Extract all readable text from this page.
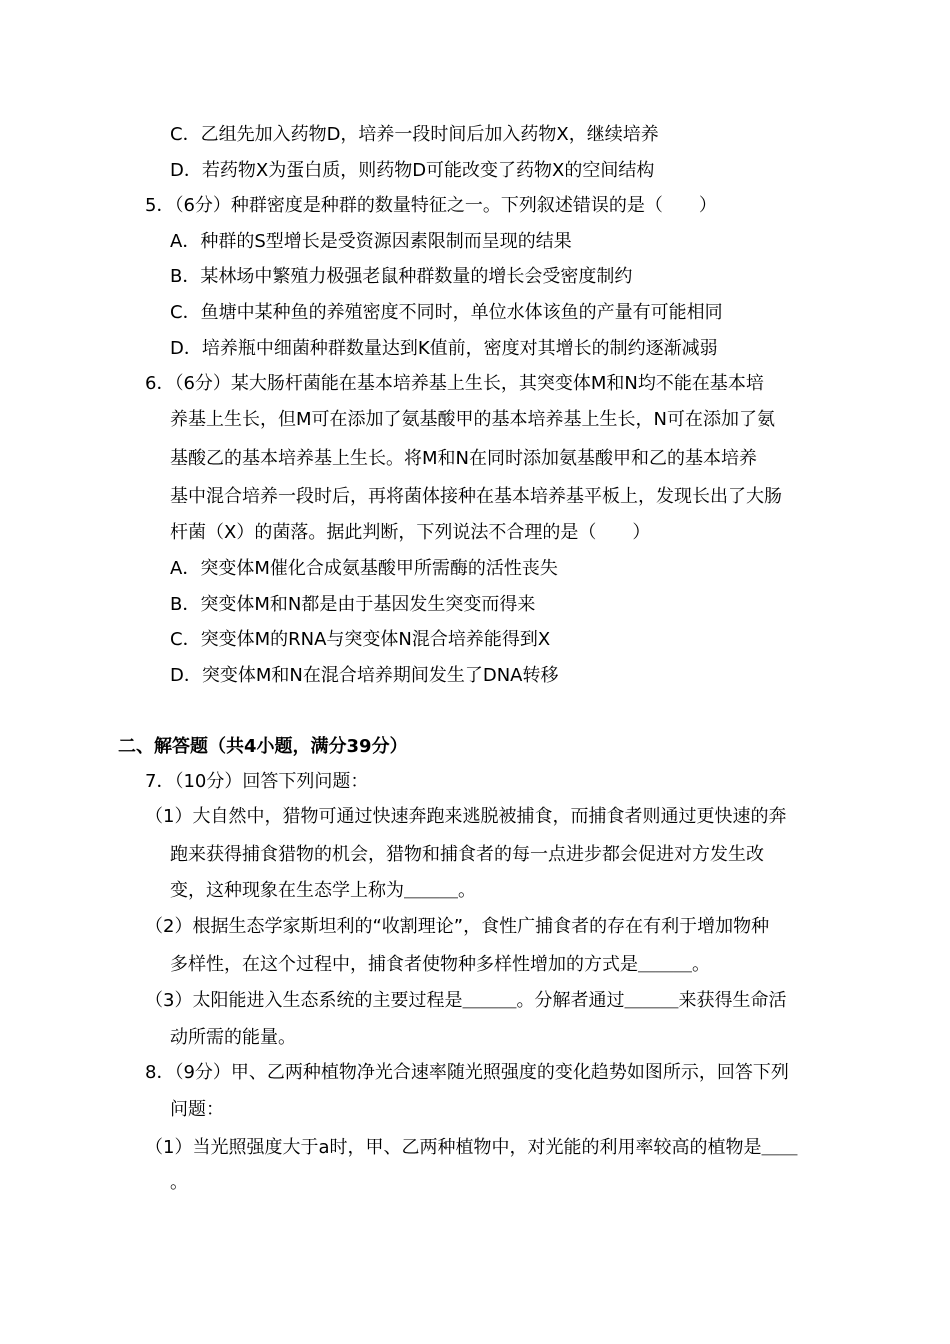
C．乙组先加入药物D，培养一段时间后加入药物X，继续培养
D．若药物X为蛋白质，则药物D可能改变了药物X的空间结构
5．（6分）种群密度是种群的数量特征之一。下列叙述错误的是（　　）
A．种群的S型增长是受资源因素限制而呈现的结果
B．某林场中繁殖力极强老鼠种群数量的增长会受密度制约
C．鱼塘中某种鱼的养殖密度不同时，单位水体该鱼的产量有可能相同
D．培养瓶中细菌种群数量达到K值前，密度对其增长的制约逐渐减弱
6．（6分）某大肠杆菌能在基本培养基上生长，其突变体M和N均不能在基本培
养基上生长，但M可在添加了氨基酸甲的基本培养基上生长，N可在添加了氨
基酸乙的基本培养基上生长。将M和N在同时添加氨基酸甲和乙的基本培养
基中混合培养一段时后，再将菌体接种在基本培养基平板上，发现长出了大肠
杆菌（X）的菌落。据此判断，下列说法不合理的是（　　）
A．突变体M催化合成氨基酸甲所需酶的活性丧失
B．突变体M和N都是由于基因发生突变而得来
C．突变体M的RNA与突变体N混合培养能得到X
D．突变体M和N在混合培养期间发生了DNA转移
二、解答题（共4小题，满分39分）
7．（10分）回答下列问题：
（1）大自然中，猎物可通过快速奔跑来逃脱被捕食，而捕食者则通过更快速的奔
跑来获得捕食猎物的机会，猎物和捕食者的每一点进步都会促进对方发生改
变，这种现象在生态学上称为＿＿＿。
（2）根据生态学家斯坦利的“收割理论”，食性广捕食者的存在有利于增加物种
多样性，在这个过程中，捕食者使物种多样性增加的方式是＿＿＿。
（3）太阳能进入生态系统的主要过程是＿＿＿。分解者通过＿＿＿来获得生命活
动所需的能量。
8．（9分）甲、乙两种植物净光合速率随光照强度的变化趋势如图所示，回答下列
问题：
（1）当光照强度大于a时，甲、乙两种植物中，对光能的利用率较高的植物是＿＿
。
